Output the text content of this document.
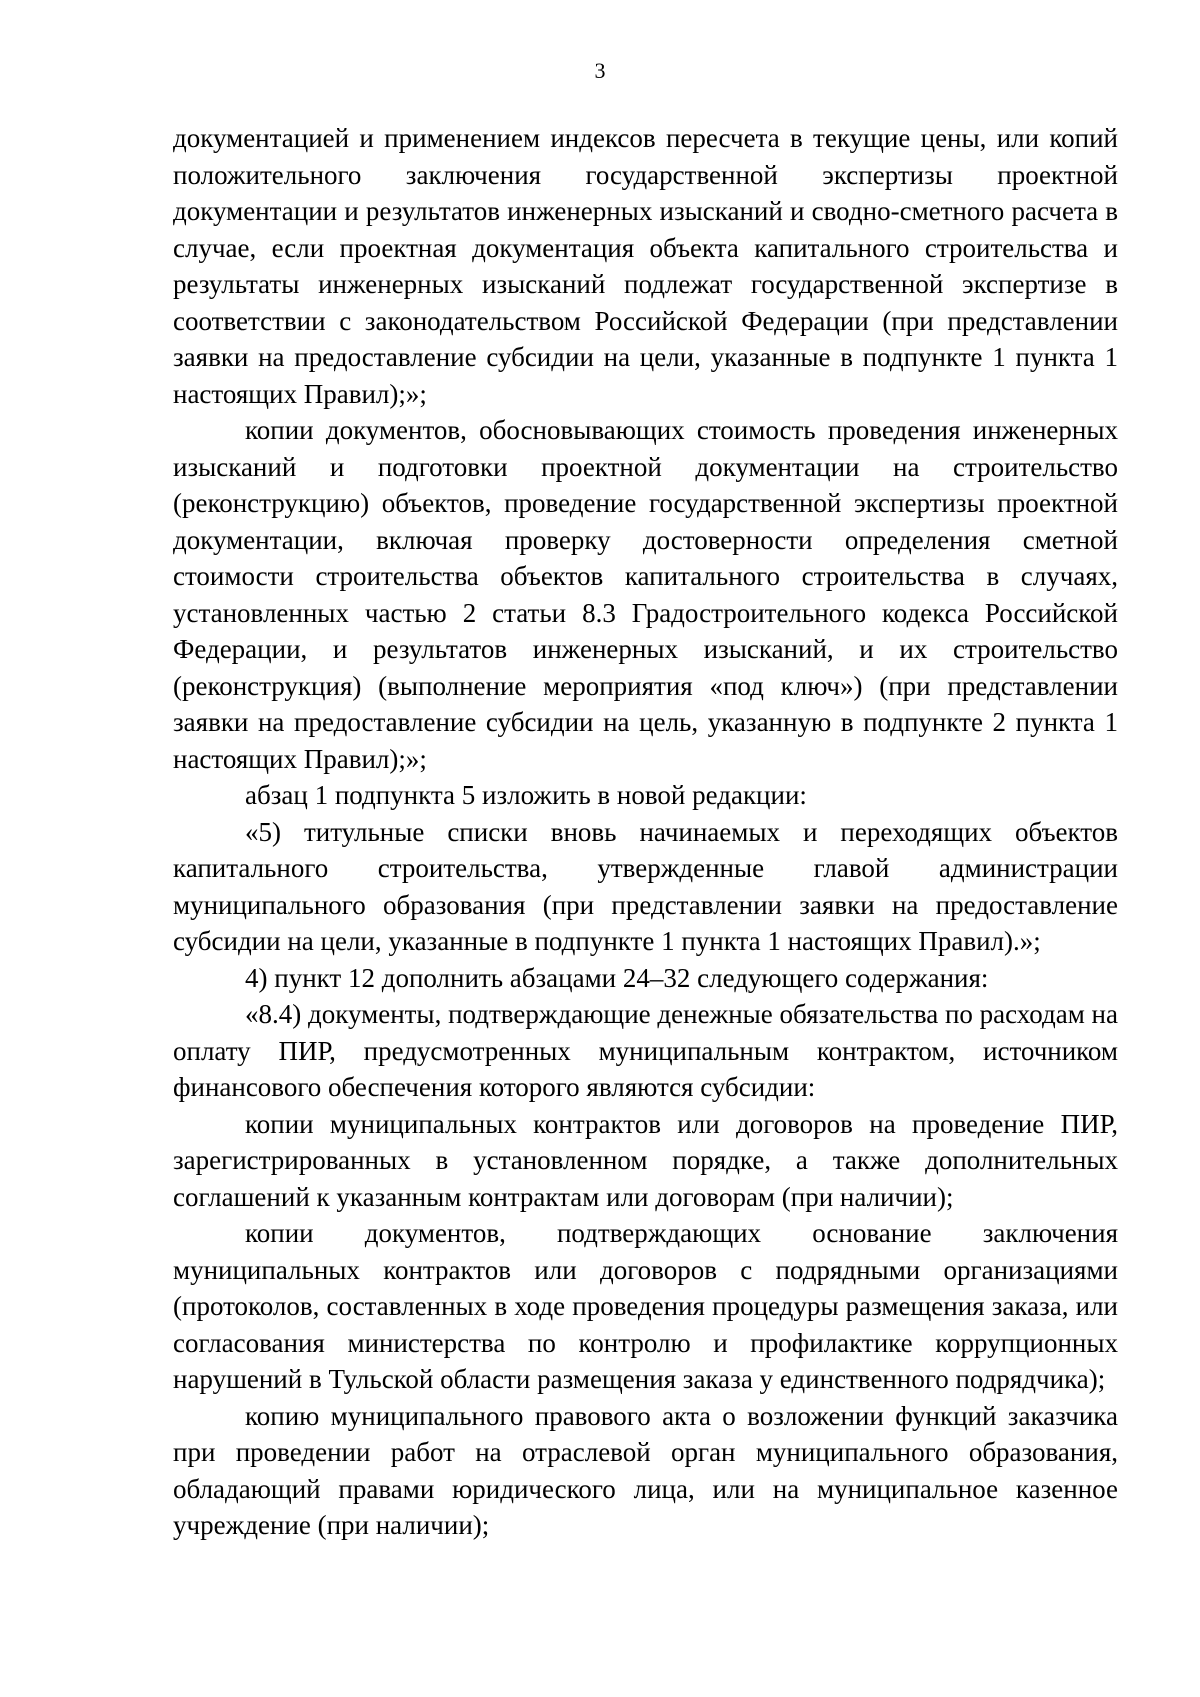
3

документацией и применением индексов пересчета в текущие цены, или копий положительного заключения государственной экспертизы проектной документации и результатов инженерных изысканий и сводно-сметного расчета в случае, если проектная документация объекта капитального строительства и результаты инженерных изысканий подлежат государственной экспертизе в соответствии с законодательством Российской Федерации (при представлении заявки на предоставление субсидии на цели, указанные в подпункте 1 пункта 1 настоящих Правил);»;

копии документов, обосновывающих стоимость проведения инженерных изысканий и подготовки проектной документации на строительство (реконструкцию) объектов, проведение государственной экспертизы проектной документации, включая проверку достоверности определения сметной стоимости строительства объектов капитального строительства в случаях, установленных частью 2 статьи 8.3 Градостроительного кодекса Российской Федерации, и результатов инженерных изысканий, и их строительство (реконструкция) (выполнение мероприятия «под ключ») (при представлении заявки на предоставление субсидии на цель, указанную в подпункте 2 пункта 1 настоящих Правил);»;

абзац 1 подпункта 5 изложить в новой редакции:

«5) титульные списки вновь начинаемых и переходящих объектов капитального строительства, утвержденные главой администрации муниципального образования (при представлении заявки на предоставление субсидии на цели, указанные в подпункте 1 пункта 1 настоящих Правил).»;

4) пункт 12 дополнить абзацами 24–32 следующего содержания:

«8.4) документы, подтверждающие денежные обязательства по расходам на оплату ПИР, предусмотренных муниципальным контрактом, источником финансового обеспечения которого являются субсидии:

копии муниципальных контрактов или договоров на проведение ПИР, зарегистрированных в установленном порядке, а также дополнительных соглашений к указанным контрактам или договорам (при наличии);

копии документов, подтверждающих основание заключения муниципальных контрактов или договоров с подрядными организациями (протоколов, составленных в ходе проведения процедуры размещения заказа, или согласования министерства по контролю и профилактике коррупционных нарушений в Тульской области размещения заказа у единственного подрядчика);

копию муниципального правового акта о возложении функций заказчика при проведении работ на отраслевой орган муниципального образования, обладающий правами юридического лица, или на муниципальное казенное учреждение (при наличии);
